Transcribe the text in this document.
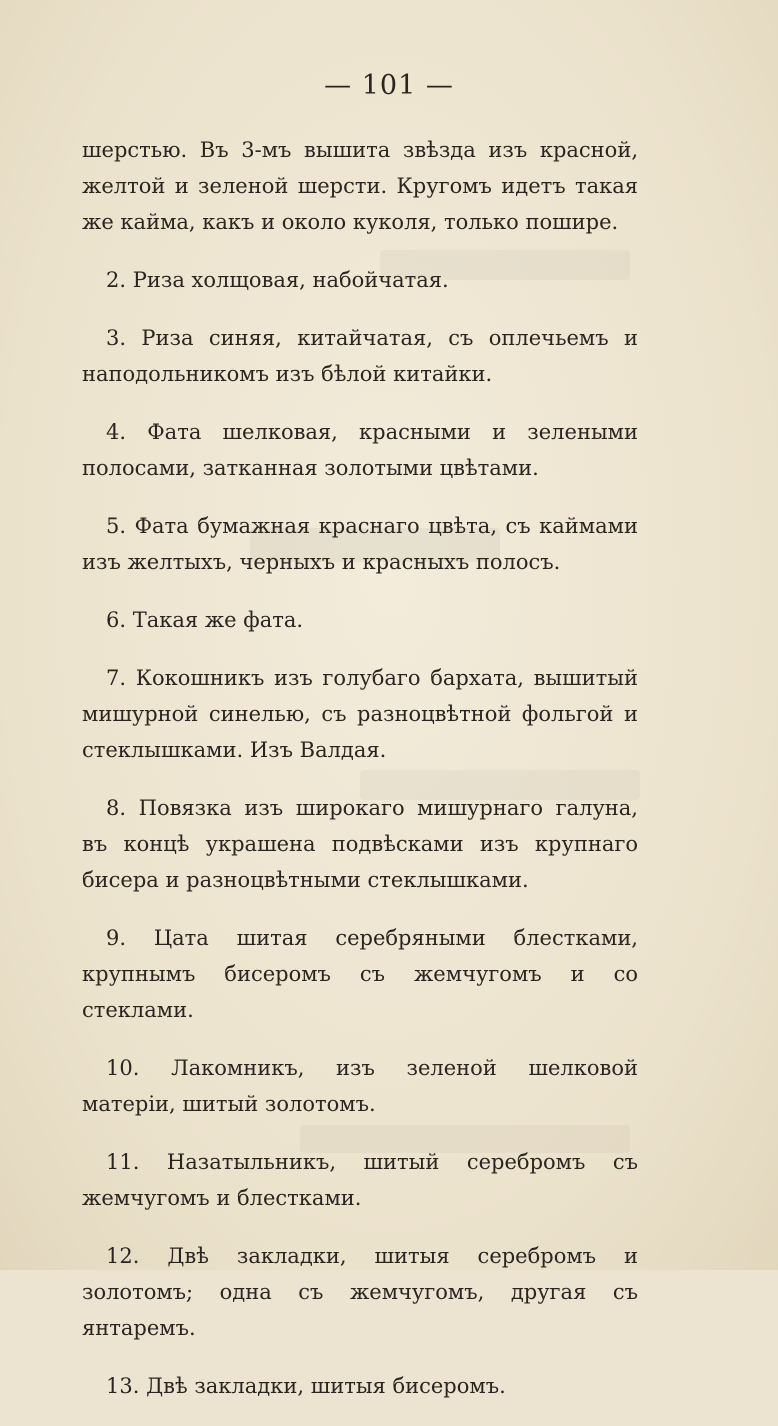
— 101 —

шерстью. Въ 3-мъ вышита звѣзда изъ красной, желтой и зеленой шерсти. Кругомъ идетъ такая же кайма, какъ и около куколя, только пошире.

2. Риза холщовая, набойчатая.

3. Риза синяя, китайчатая, съ оплечьемъ и наподольникомъ изъ бѣлой китайки.

4. Фата шелковая, красными и зелеными полосами, затканная золотыми цвѣтами.

5. Фата бумажная краснаго цвѣта, съ каймами изъ желтыхъ, черныхъ и красныхъ полосъ.

6. Такая же фата.

7. Кокошникъ изъ голубаго бархата, вышитый мишурной синелью, съ разноцвѣтной фольгой и стеклышками. Изъ Валдая.

8. Повязка изъ широкаго мишурнаго галуна, въ концѣ украшена подвѣсками изъ крупнаго бисера и разноцвѣтными стеклышками.

9. Цата шитая серебряными блестками, крупнымъ бисеромъ съ жемчугомъ и со стеклами.

10. Лакомникъ, изъ зеленой шелковой матеріи, шитый золотомъ.

11. Назатыльникъ, шитый серебромъ съ жемчугомъ и блестками.

12. Двѣ закладки, шитыя серебромъ и золотомъ; одна съ жемчугомъ, другая съ янтаремъ.

13. Двѣ закладки, шитыя бисеромъ.
